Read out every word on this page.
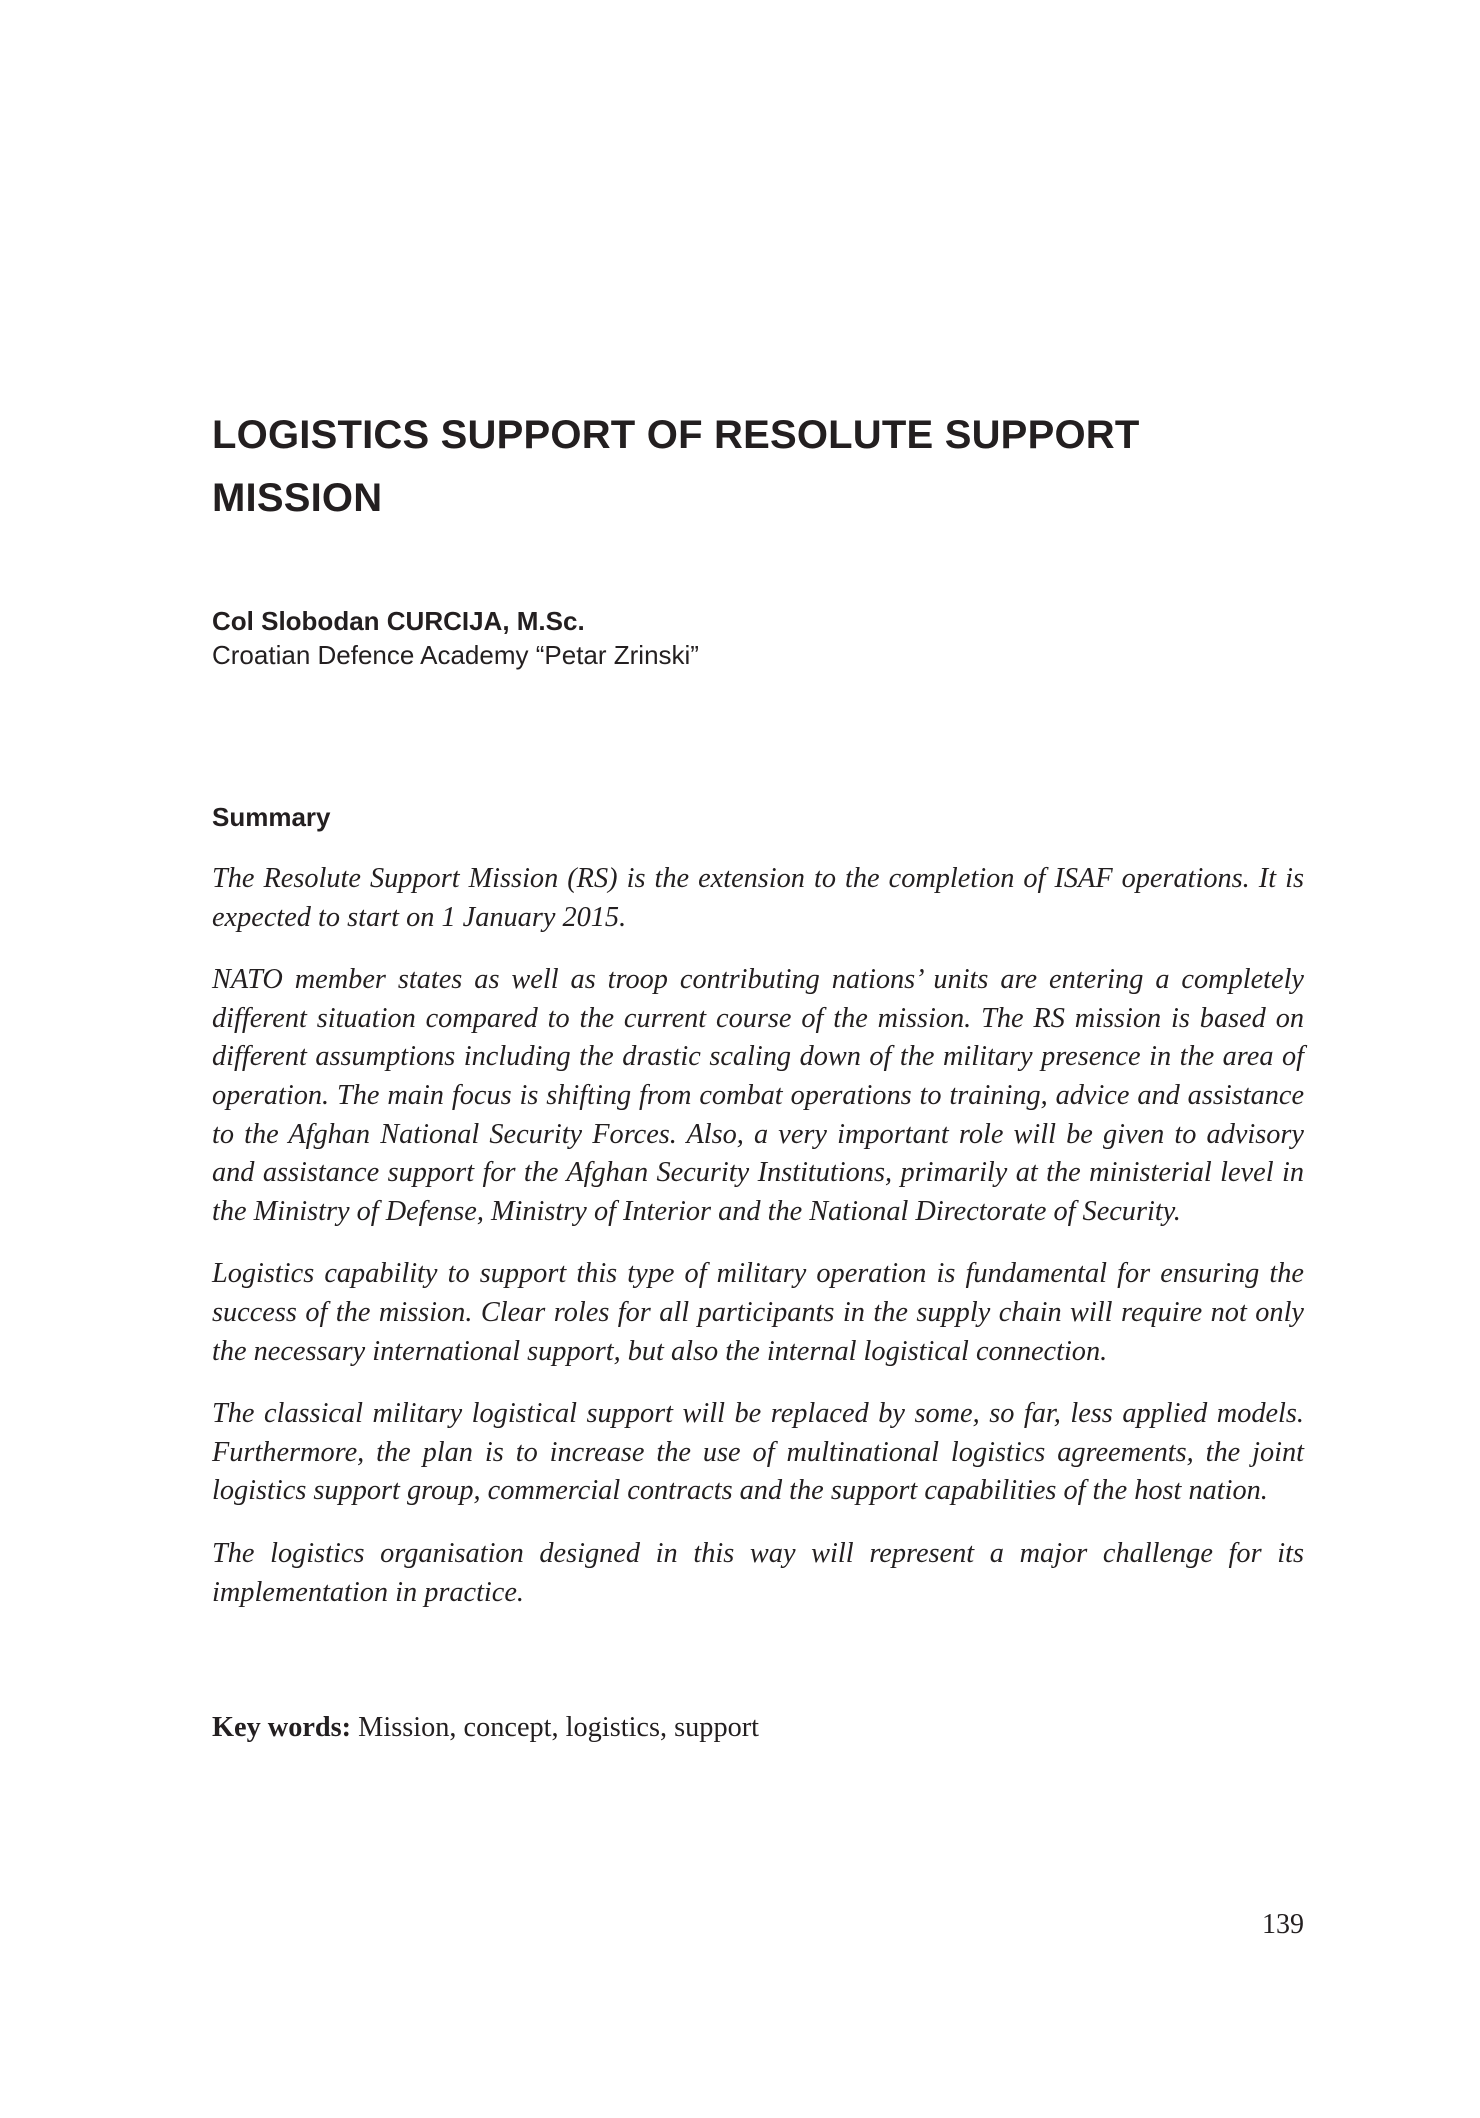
LOGISTICS SUPPORT OF RESOLUTE SUPPORT
MISSION
Col Slobodan CURCIJA, M.Sc.
Croatian Defence Academy “Petar Zrinski”
Summary

The Resolute Support Mission (RS) is the extension to the completion of ISAF operations. It is expected to start on 1 January 2015.

NATO member states as well as troop contributing nations’ units are entering a completely different situation compared to the current course of the mission. The RS mission is based on different assumptions including the drastic scaling down of the military presence in the area of operation. The main focus is shifting from combat operations to training, advice and assistance to the Afghan National Security Forces. Also, a very important role will be given to advisory and assistance support for the Afghan Security Institutions, primarily at the ministerial level in the Ministry of Defense, Ministry of Interior and the National Directorate of Security.

Logistics capability to support this type of military operation is fundamental for ensuring the success of the mission. Clear roles for all participants in the supply chain will require not only the necessary international support, but also the internal logistical connection.

The classical military logistical support will be replaced by some, so far, less applied models. Furthermore, the plan is to increase the use of multinational logistics agreements, the joint logistics support group, commercial contracts and the support capabilities of the host nation.

The logistics organisation designed in this way will represent a major challenge for its implementation in practice.

Key words: Mission, concept, logistics, support
139
